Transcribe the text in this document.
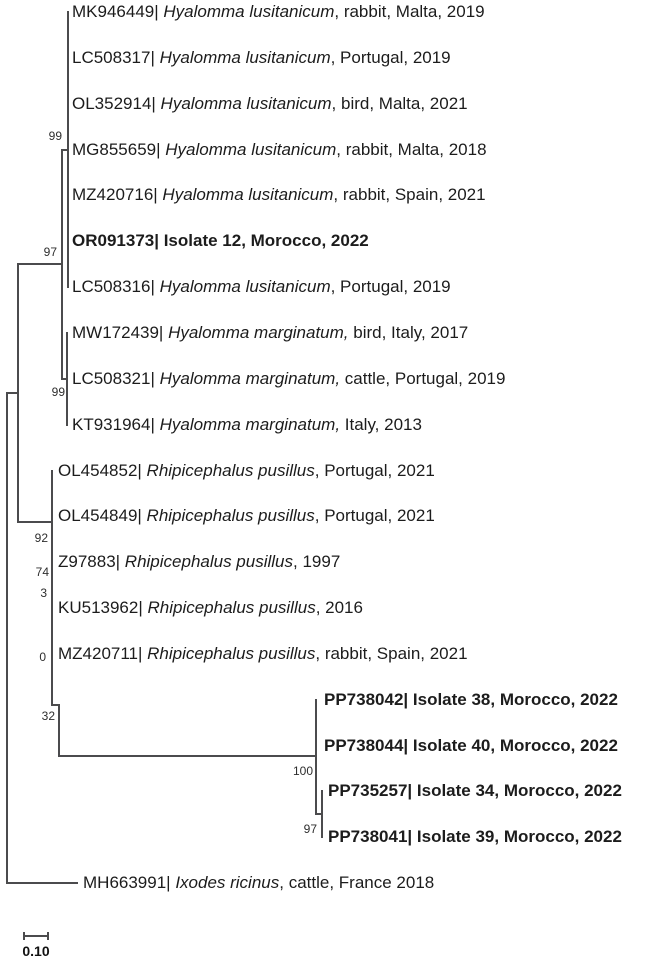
MK946449| Hyalomma lusitanicum, rabbit, Malta, 2019
LC508317| Hyalomma lusitanicum, Portugal, 2019
OL352914| Hyalomma lusitanicum, bird, Malta, 2021
MG855659| Hyalomma lusitanicum, rabbit, Malta, 2018
MZ420716| Hyalomma lusitanicum, rabbit, Spain, 2021
OR091373| Isolate 12, Morocco, 2022
LC508316| Hyalomma lusitanicum, Portugal, 2019
MW172439| Hyalomma marginatum, bird, Italy, 2017
LC508321| Hyalomma marginatum, cattle, Portugal, 2019
KT931964| Hyalomma marginatum, Italy, 2013
OL454852| Rhipicephalus pusillus, Portugal, 2021
OL454849| Rhipicephalus pusillus, Portugal, 2021
Z97883| Rhipicephalus pusillus, 1997
KU513962| Rhipicephalus pusillus, 2016
MZ420711| Rhipicephalus pusillus, rabbit, Spain, 2021
PP738042| Isolate 38, Morocco, 2022
PP738044| Isolate 40, Morocco, 2022
PP735257| Isolate 34, Morocco, 2022
PP738041| Isolate 39, Morocco, 2022
MH663991| Ixodes ricinus, cattle, France 2018
99
97
99
92
74
3
0
32
100
97
0.10
